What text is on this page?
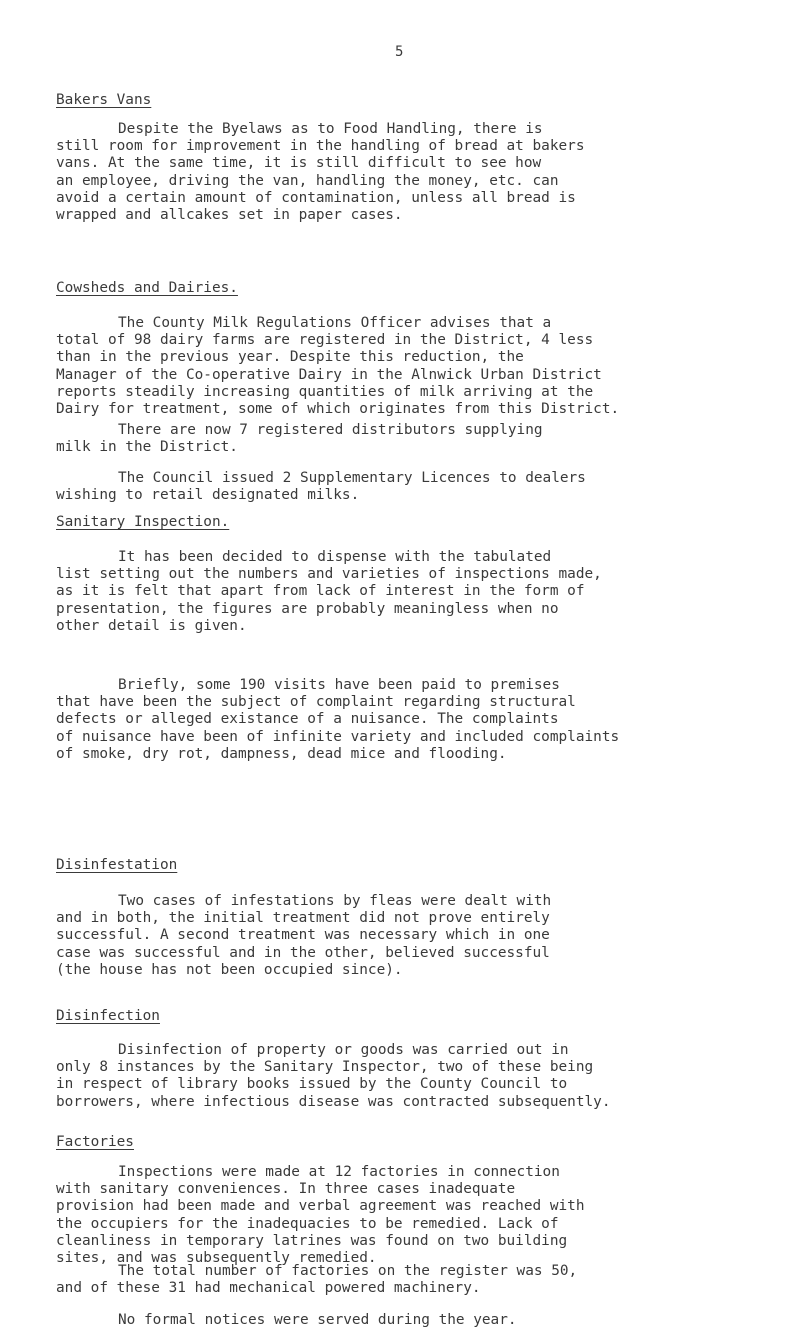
5
Bakers Vans
Despite the Byelaws as to Food Handling, there is
still room for improvement in the handling of bread at bakers
vans. At the same time, it is still difficult to see how
an employee, driving the van, handling the money, etc. can
avoid a certain amount of contamination, unless all bread is
wrapped and allcakes set in paper cases.
Cowsheds and Dairies.
The County Milk Regulations Officer advises that a
total of 98 dairy farms are registered in the District, 4 less
than in the previous year. Despite this reduction, the
Manager of the Co-operative Dairy in the Alnwick Urban District
reports steadily increasing quantities of milk arriving at the
Dairy for treatment, some of which originates from this District.
There are now 7 registered distributors supplying
milk in the District.
The Council issued 2 Supplementary Licences to dealers
wishing to retail designated milks.
Sanitary Inspection.
It has been decided to dispense with the tabulated
list setting out the numbers and varieties of inspections made,
as it is felt that apart from lack of interest in the form of
presentation, the figures are probably meaningless when no
other detail is given.
Briefly, some 190 visits have been paid to premises
that have been the subject of complaint regarding structural
defects or alleged existance of a nuisance. The complaints
of nuisance have been of infinite variety and included complaints
of smoke, dry rot, dampness, dead mice and flooding.
Disinfestation
Two cases of infestations by fleas were dealt with
and in both, the initial treatment did not prove entirely
successful. A second treatment was necessary which in one
case was successful and in the other, believed successful
(the house has not been occupied since).
Disinfection
Disinfection of property or goods was carried out in
only 8 instances by the Sanitary Inspector, two of these being
in respect of library books issued by the County Council to
borrowers, where infectious disease was contracted subsequently.
Factories
Inspections were made at 12 factories in connection
with sanitary conveniences. In three cases inadequate
provision had been made and verbal agreement was reached with
the occupiers for the inadequacies to be remedied. Lack of
cleanliness in temporary latrines was found on two building
sites, and was subsequently remedied.
The total number of factories on the register was 50,
and of these 31 had mechanical powered machinery.
No formal notices were served during the year.
